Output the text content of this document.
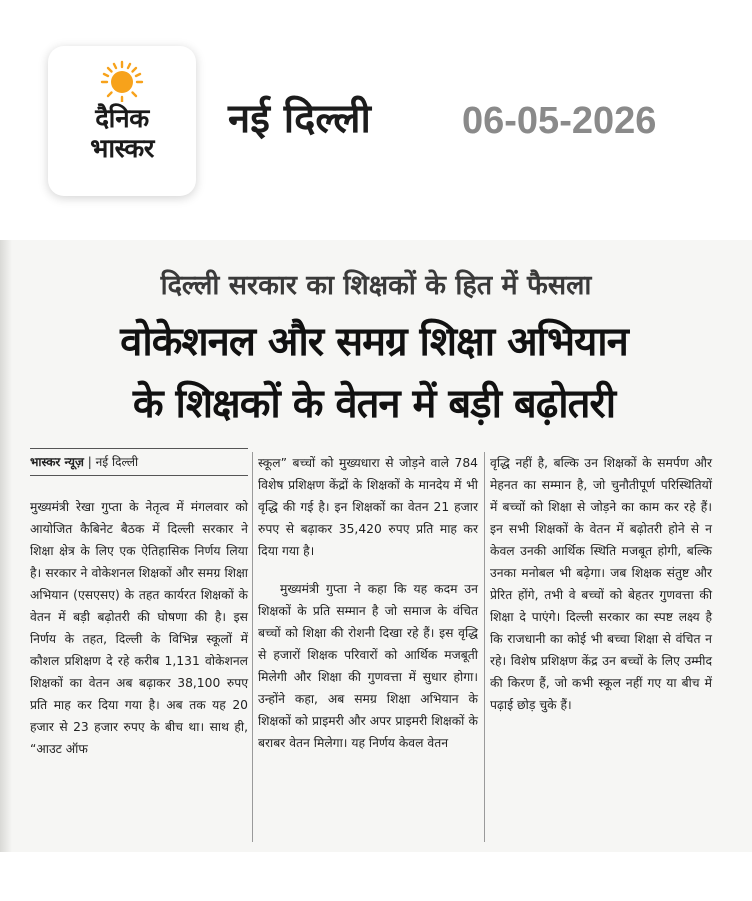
दैनिक
भास्कर
नई दिल्ली 06-05-2026
दिल्ली सरकार का शिक्षकों के हित में फैसला
वोकेशनल और समग्र शिक्षा अभियान
के शिक्षकों के वेतन में बड़ी बढ़ोतरी
भास्कर न्यूज़ | नई दिल्ली

मुख्यमंत्री रेखा गुप्ता के नेतृत्व में मंगलवार को आयोजित कैबिनेट बैठक में दिल्ली सरकार ने शिक्षा क्षेत्र के लिए एक ऐतिहासिक निर्णय लिया है। सरकार ने वोकेशनल शिक्षकों और समग्र शिक्षा अभियान (एसएसए) के तहत कार्यरत शिक्षकों के वेतन में बड़ी बढ़ोतरी की घोषणा की है। इस निर्णय के तहत, दिल्ली के विभिन्न स्कूलों में कौशल प्रशिक्षण दे रहे करीब 1,131 वोकेशनल शिक्षकों का वेतन अब बढ़ाकर 38,100 रुपए प्रति माह कर दिया गया है। अब तक यह 20 हजार से 23 हजार रुपए के बीच था। साथ ही, “आउट ऑफ

स्कूल” बच्चों को मुख्यधारा से जोड़ने वाले 784 विशेष प्रशिक्षण केंद्रों के शिक्षकों के मानदेय में भी वृद्धि की गई है। इन शिक्षकों का वेतन 21 हजार रुपए से बढ़ाकर 35,420 रुपए प्रति माह कर दिया गया है।

मुख्यमंत्री गुप्ता ने कहा कि यह कदम उन शिक्षकों के प्रति सम्मान है जो समाज के वंचित बच्चों को शिक्षा की रोशनी दिखा रहे हैं। इस वृद्धि से हजारों शिक्षक परिवारों को आर्थिक मजबूती मिलेगी और शिक्षा की गुणवत्ता में सुधार होगा। उन्होंने कहा, अब समग्र शिक्षा अभियान के शिक्षकों को प्राइमरी और अपर प्राइमरी शिक्षकों के बराबर वेतन मिलेगा। यह निर्णय केवल वेतन

वृद्धि नहीं है, बल्कि उन शिक्षकों के समर्पण और मेहनत का सम्मान है, जो चुनौतीपूर्ण परिस्थितियों में बच्चों को शिक्षा से जोड़ने का काम कर रहे हैं। इन सभी शिक्षकों के वेतन में बढ़ोतरी होने से न केवल उनकी आर्थिक स्थिति मजबूत होगी, बल्कि उनका मनोबल भी बढ़ेगा। जब शिक्षक संतुष्ट और प्रेरित होंगे, तभी वे बच्चों को बेहतर गुणवत्ता की शिक्षा दे पाएंगे। दिल्ली सरकार का स्पष्ट लक्ष्य है कि राजधानी का कोई भी बच्चा शिक्षा से वंचित न रहे। विशेष प्रशिक्षण केंद्र उन बच्चों के लिए उम्मीद की किरण हैं, जो कभी स्कूल नहीं गए या बीच में पढ़ाई छोड़ चुके हैं।
